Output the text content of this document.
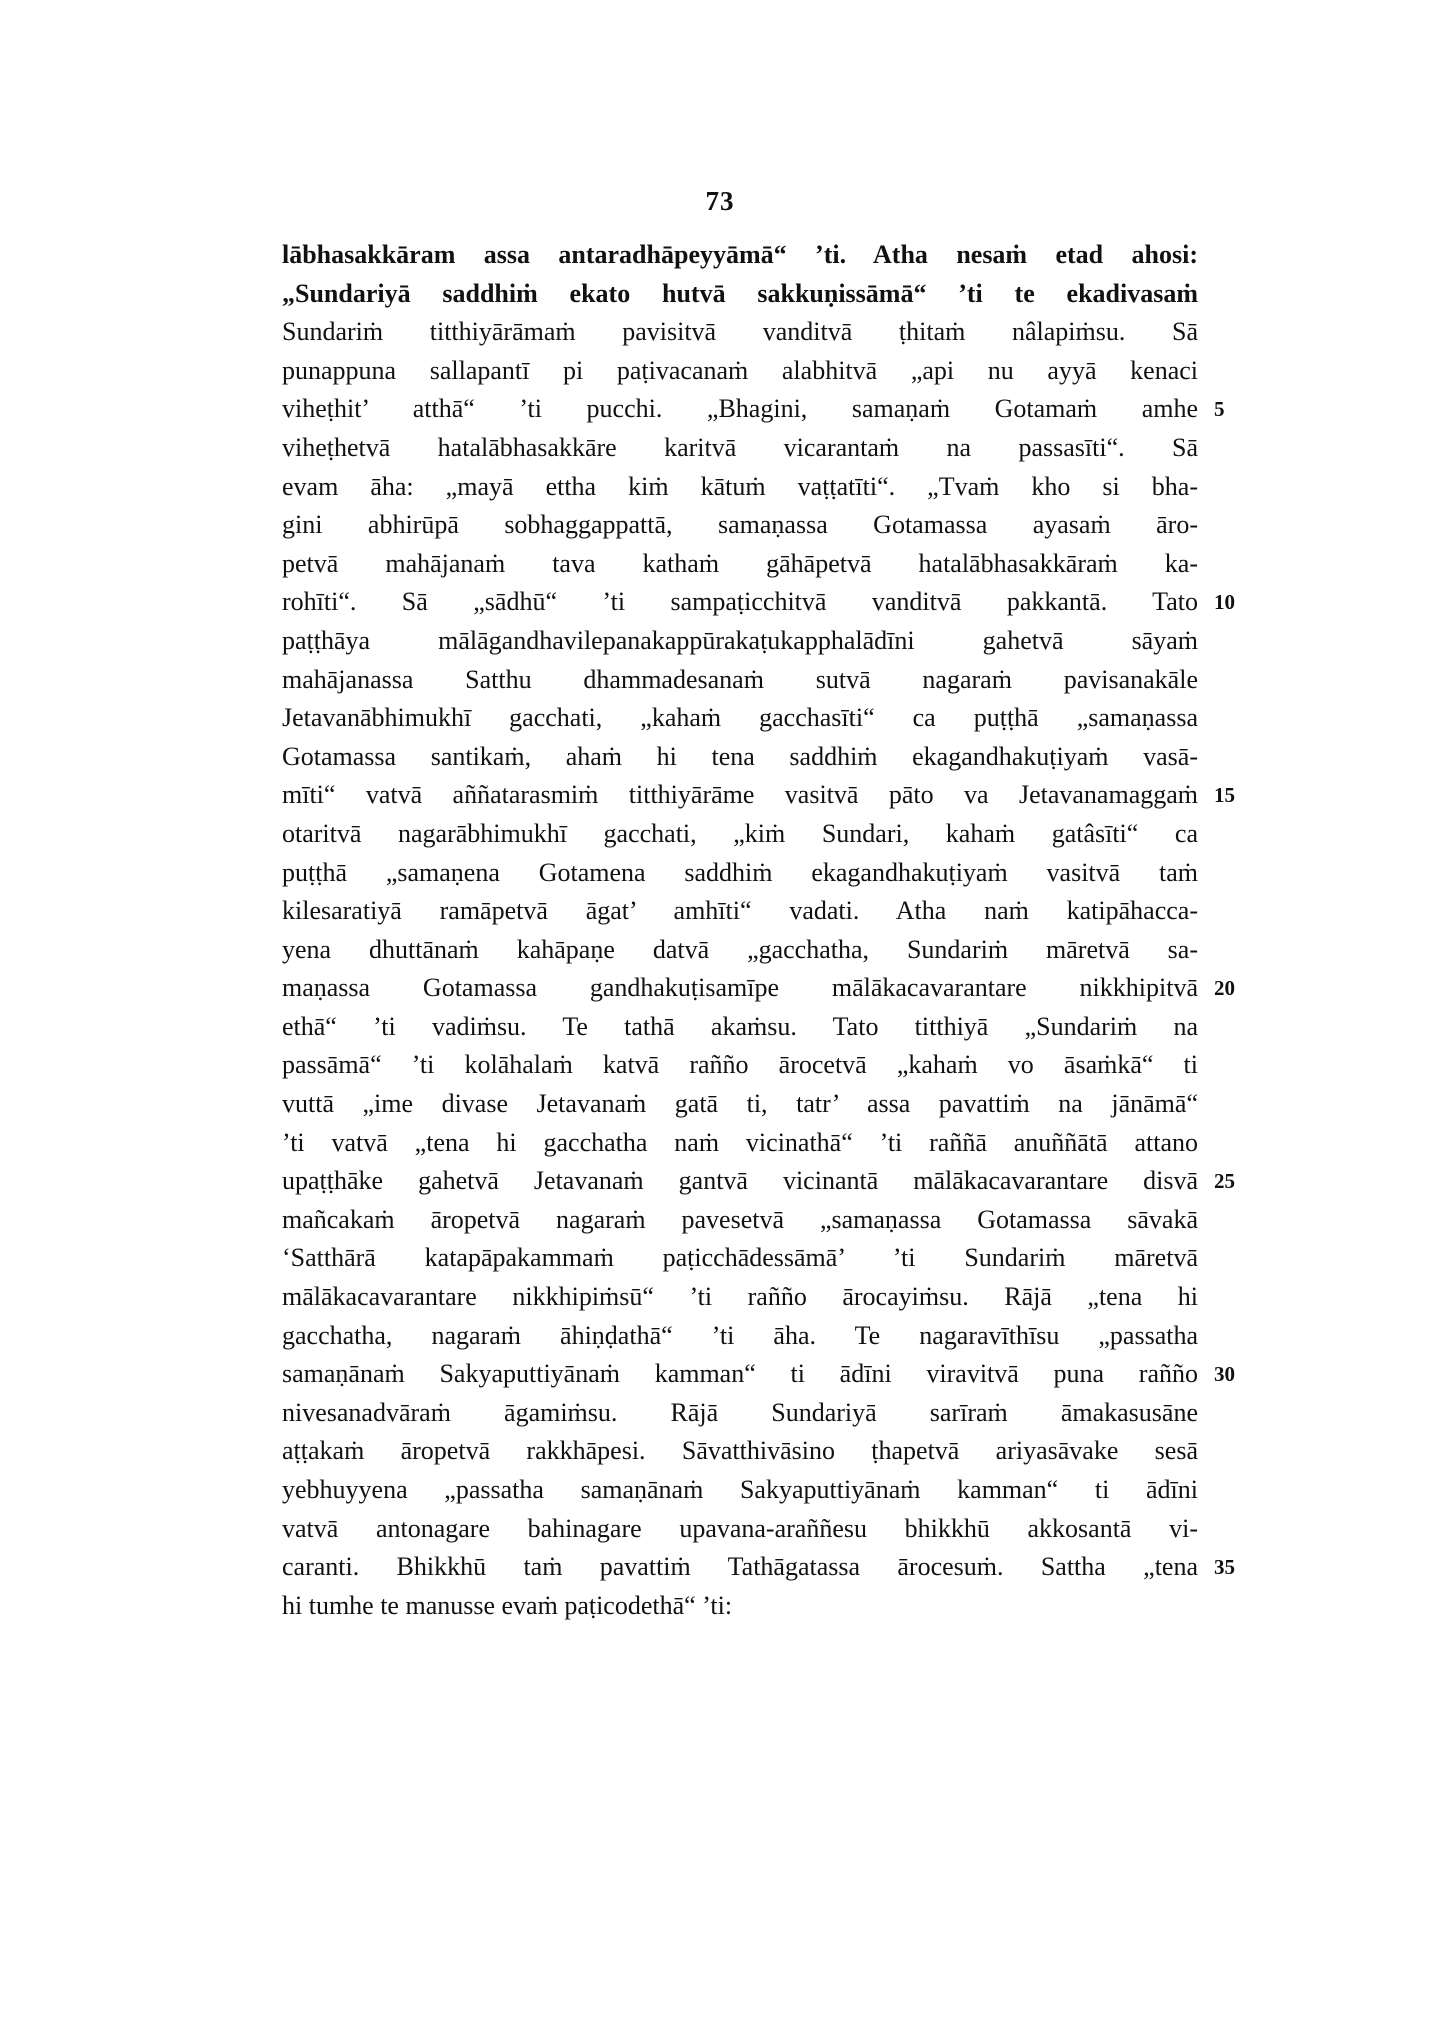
73
lābhasakkāram assa antaradhāpeyyāmā“ ’ti. Atha nesaṁ etad ahosi:
„Sundariyā saddhiṁ ekato hutvā sakkuṇissāmā“ ’ti te ekadivasaṁ
Sundariṁ titthiyārāmaṁ pavisitvā vanditvā ṭhitaṁ nâlapiṁsu. Sā
punappuna sallapantī pi paṭivacanaṁ alabhitvā „api nu ayyā kenaci
viheṭhit’ atthā“ ’ti pucchi. „Bhagini, samaṇaṁ Gotamaṁ amhe 5
viheṭhetvā hatalābhasakkāre karitvā vicarantaṁ na passasīti“. Sā
evam āha: „mayā ettha kiṁ kātuṁ vaṭṭatīti“. „Tvaṁ kho si bha-
gini abhirūpā sobhaggappattā, samaṇassa Gotamassa ayasaṁ āro-
petvā mahājanaṁ tava kathaṁ gāhāpetvā hatalābhasakkāraṁ ka-
rohīti“. Sā „sādhū“ ’ti sampaṭicchitvā vanditvā pakkantā. Tato 10
paṭṭhāya mālāgandhavilepanakappūrakaṭukapphalādīni gahetvā sāyaṁ
mahājanassa Satthu dhammadesanaṁ sutvā nagaraṁ pavisanakāle
Jetavanābhimukhī gacchati, „kahaṁ gacchasīti“ ca puṭṭhā „samaṇassa
Gotamassa santikaṁ, ahaṁ hi tena saddhiṁ ekagandhakuṭiyaṁ vasā-
mīti“ vatvā aññatarasmiṁ titthiyārāme vasitvā pāto va Jetavanamaggaṁ 15
otaritvā nagarābhimukhī gacchati, „kiṁ Sundari, kahaṁ gatâsīti“ ca
puṭṭhā „samaṇena Gotamena saddhiṁ ekagandhakuṭiyaṁ vasitvā taṁ
kilesaratiyā ramāpetvā āgat’ amhīti“ vadati. Atha naṁ katipāhacca-
yena dhuttānaṁ kahāpaṇe datvā „gacchatha, Sundariṁ māretvā sa-
maṇassa Gotamassa gandhakuṭisamīpe mālākacavarantare nikkhipitvā 20
ethā“ ’ti vadiṁsu. Te tathā akaṁsu. Tato titthiyā „Sundariṁ na
passāmā“ ’ti kolāhalaṁ katvā rañño ārocetvā „kahaṁ vo āsaṁkā“ ti
vuttā „ime divase Jetavanaṁ gatā ti, tatr’ assa pavattiṁ na jānāmā“
’ti vatvā „tena hi gacchatha naṁ vicinathā“ ’ti raññā anuññātā attano
upaṭṭhāke gahetvā Jetavanaṁ gantvā vicinantā mālākacavarantare disvā 25
mañcakaṁ āropetvā nagaraṁ pavesetvā „samaṇassa Gotamassa sāvakā
‘Satthārā katapāpakammaṁ paṭicchādessāmā’ ’ti Sundariṁ māretvā
mālākacavarantare nikkhipiṁsū“ ’ti rañño ārocayiṁsu. Rājā „tena hi
gacchatha, nagaraṁ āhiṇḍathā“ ’ti āha. Te nagaravīthīsu „passatha
samaṇānaṁ Sakyaputtiyānaṁ kamman“ ti ādīni viravitvā puna rañño 30
nivesanadvāraṁ āgamiṁsu. Rājā Sundariyā sarīraṁ āmakasusāne
aṭṭakaṁ āropetvā rakkhāpesi. Sāvatthivāsino ṭhapetvā ariyasāvake sesā
yebhuyyena „passatha samaṇānaṁ Sakyaputtiyānaṁ kamman“ ti ādīni
vatvā antonagare bahinagare upavana-araññesu bhikkhū akkosantā vi-
caranti. Bhikkhū taṁ pavattiṁ Tathāgatassa ārocesuṁ. Sattha „tena 35
hi tumhe te manusse evaṁ paṭicodethā“ ’ti:
